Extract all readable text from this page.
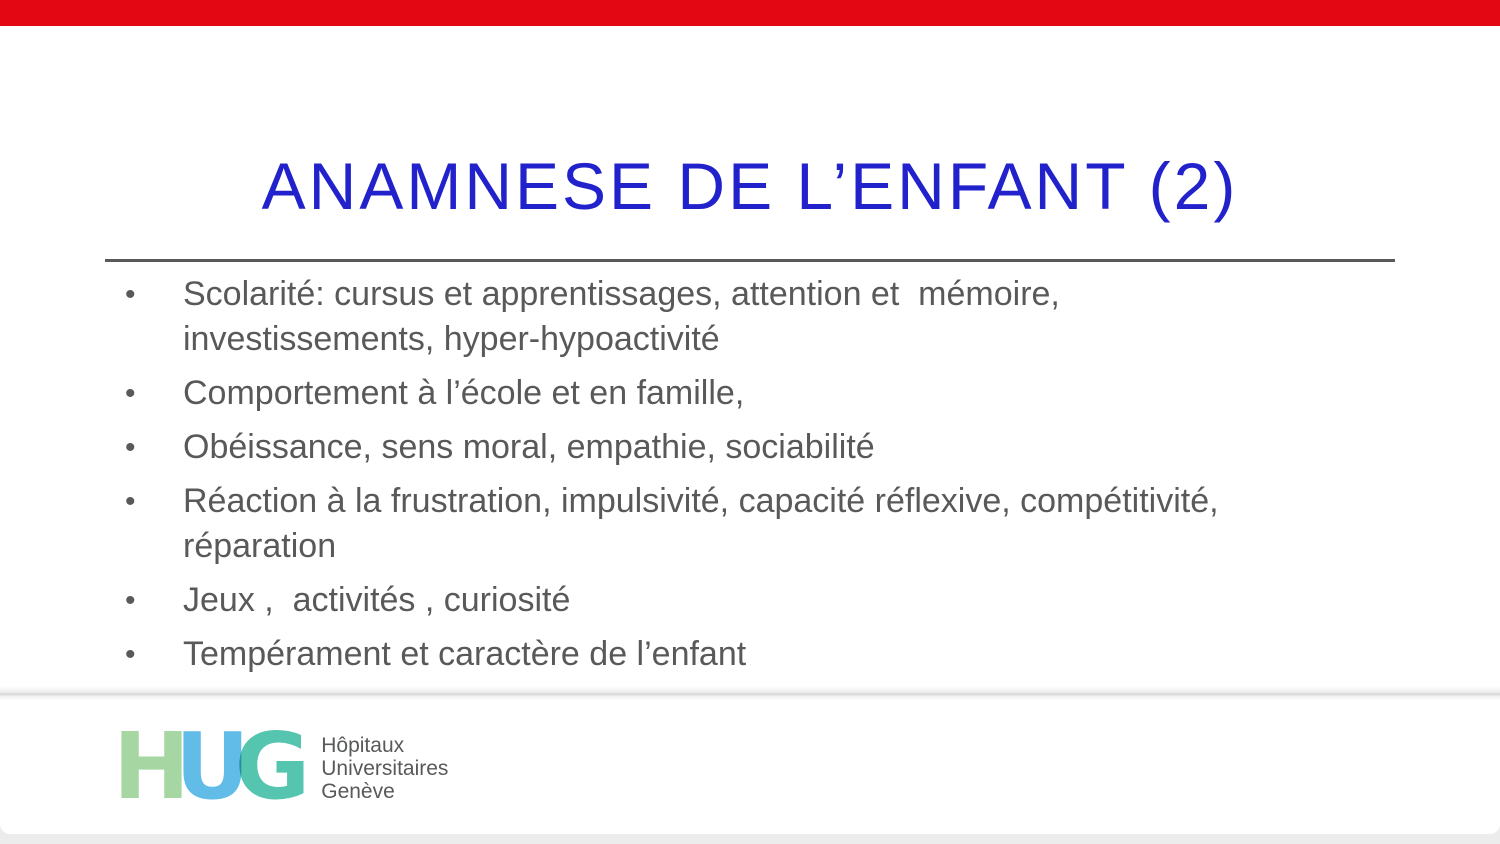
ANAMNESE DE L’ENFANT (2)
•	Scolarité: cursus et apprentissages, attention et  mémoire,
investissements, hyper-hypoactivité
•	Comportement à l’école et en famille,
•	Obéissance, sens moral, empathie, sociabilité
•	Réaction à la frustration, impulsivité, capacité réflexive, compétitivité,
réparation
•	Jeux ,  activités , curiosité
•	Tempérament et caractère de l’enfant
H U G Hôpitaux
Universitaires
Genève
